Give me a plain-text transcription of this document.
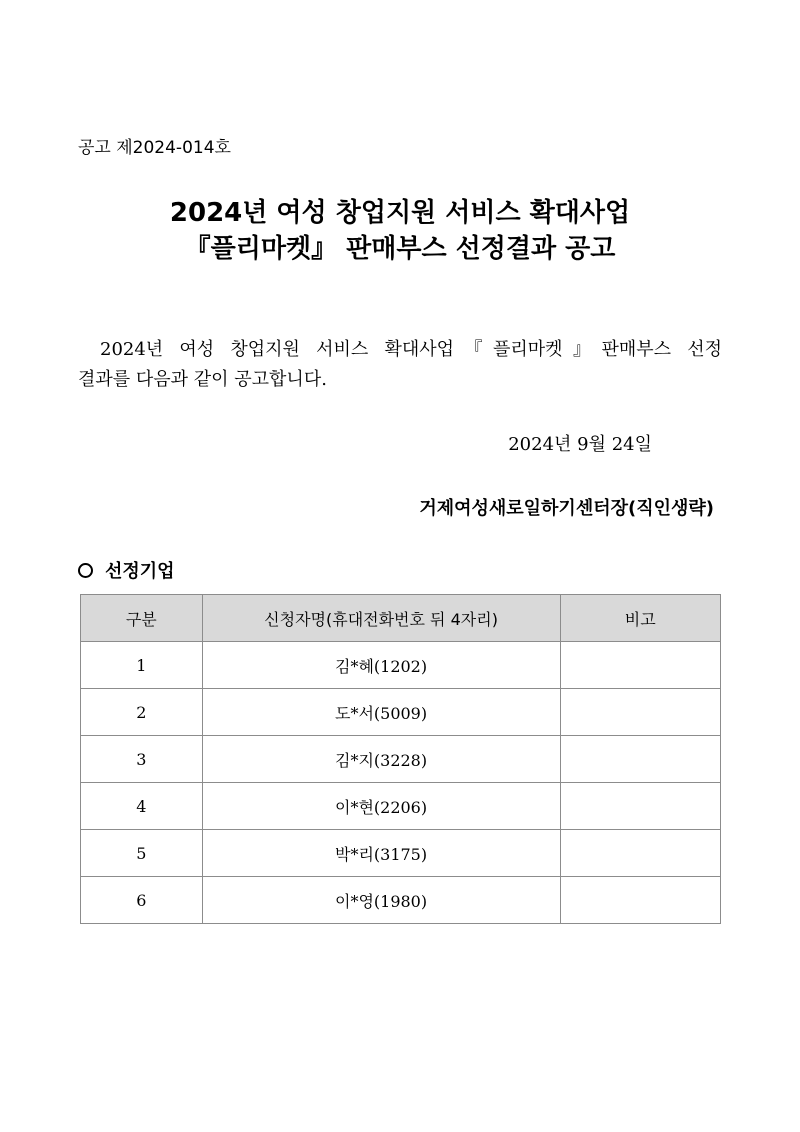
공고 제2024-014호
2024년 여성 창업지원 서비스 확대사업
『플리마켓』 판매부스 선정결과 공고
2024년 여성 창업지원 서비스 확대사업『플리마켓』판매부스 선정
결과를 다음과 같이 공고합니다.
2024년 9월 24일
거제여성새로일하기센터장(직인생략)
선정기업
구분	신청자명(휴대전화번호 뒤 4자리)	비고
1	김*혜(1202)	
2	도*서(5009)	
3	김*지(3228)	
4	이*현(2206)	
5	박*리(3175)	
6	이*영(1980)	
